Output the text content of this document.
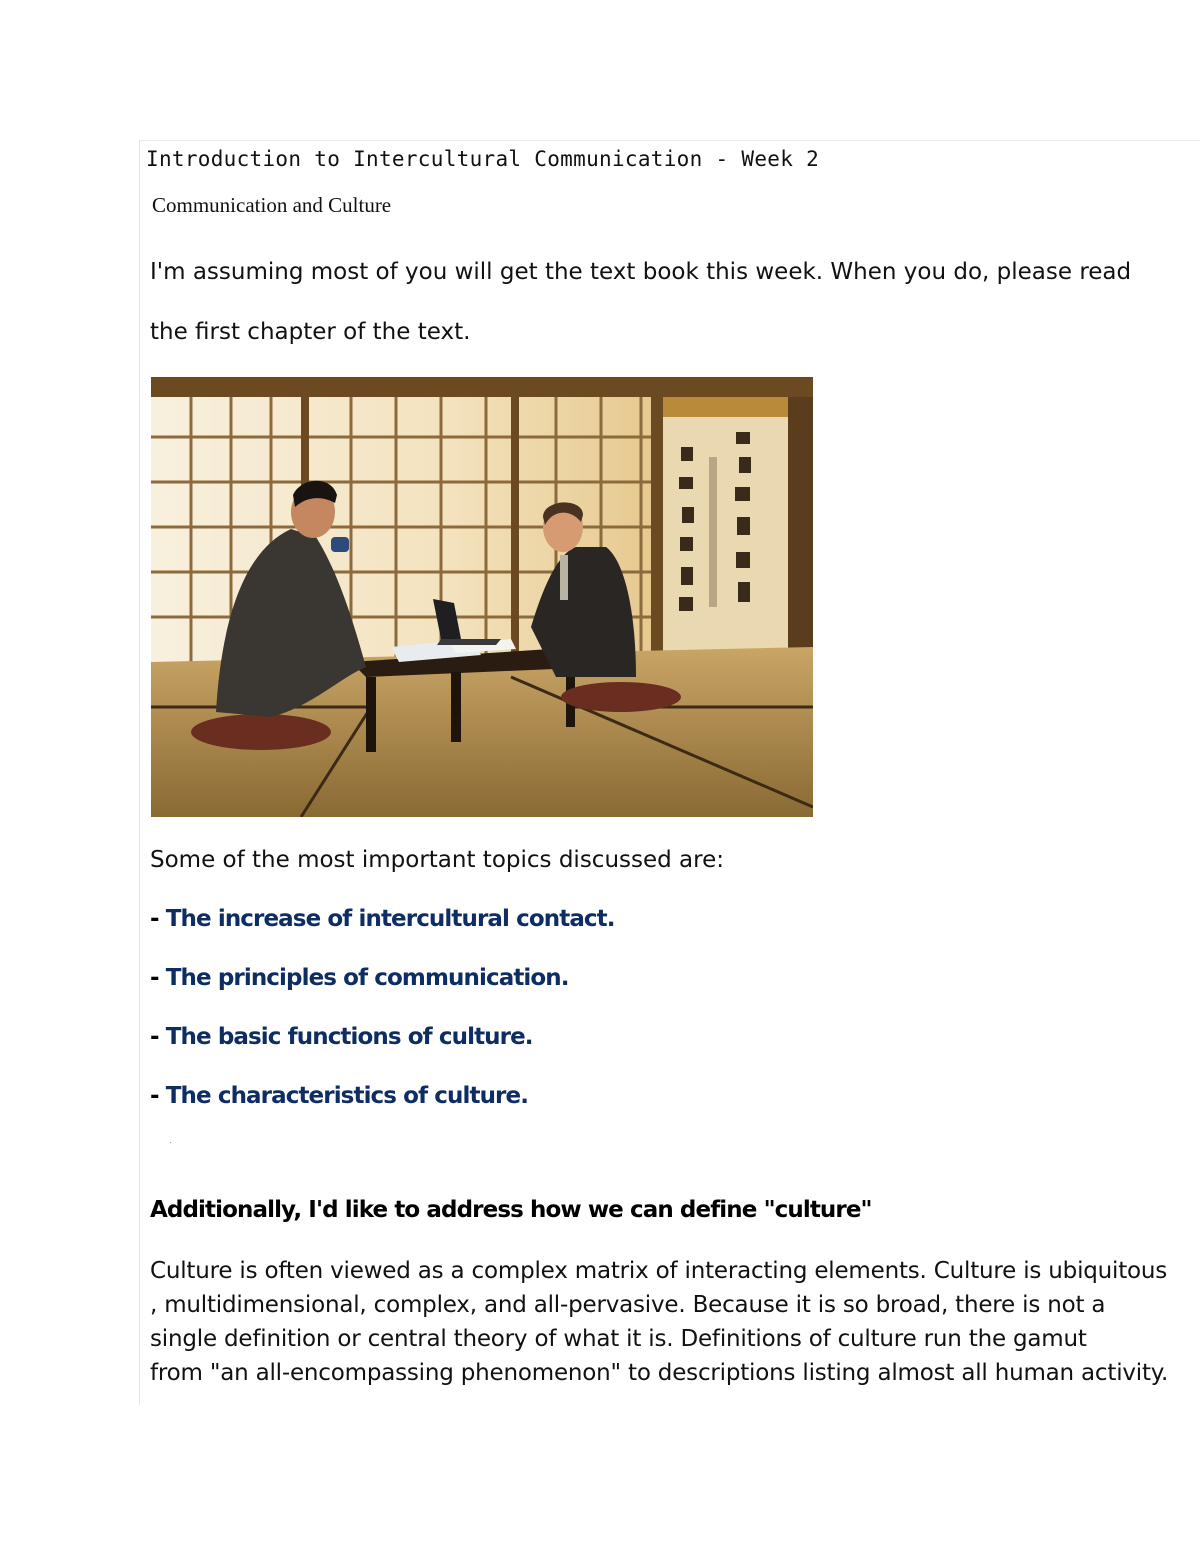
Introduction to Intercultural Communication - Week 2
Communication and Culture
I'm assuming most of you will get the text book this week. When you do, please read
the first chapter of the text.
Some of the most important topics discussed are:
- The increase of intercultural contact.
- The principles of communication.
- The basic functions of culture.
- The characteristics of culture.
Additionally, I'd like to address how we can define "culture"
Culture is often viewed as a complex matrix of interacting elements. Culture is ubiquitous
, multidimensional, complex, and all-pervasive. Because it is so broad, there is not a
single definition or central theory of what it is. Definitions of culture run the gamut
from "an all-encompassing phenomenon" to descriptions listing almost all human activity.
